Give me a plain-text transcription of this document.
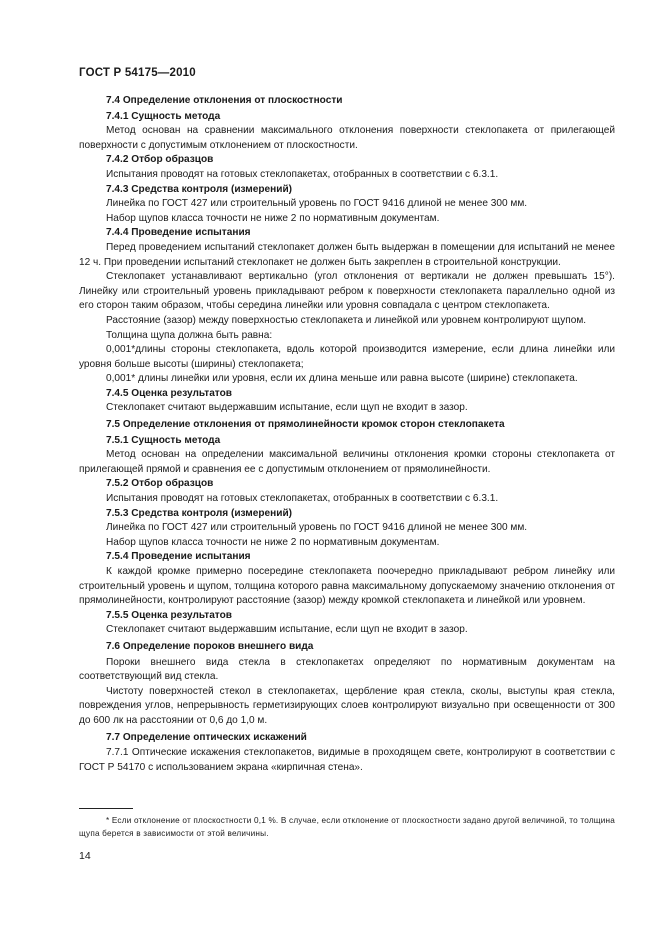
ГОСТ Р 54175—2010

7.4 Определение отклонения от плоскостности

7.4.1 Сущность метода

Метод основан на сравнении максимального отклонения поверхности стеклопакета от прилегающей поверхности с допустимым отклонением от плоскостности.

7.4.2 Отбор образцов

Испытания проводят на готовых стеклопакетах, отобранных в соответствии с 6.3.1.

7.4.3 Средства контроля (измерений)

Линейка по ГОСТ 427 или строительный уровень по ГОСТ 9416 длиной не менее 300 мм.

Набор щупов класса точности не ниже 2 по нормативным документам.

7.4.4 Проведение испытания

Перед проведением испытаний стеклопакет должен быть выдержан в помещении для испытаний не менее 12 ч. При проведении испытаний стеклопакет не должен быть закреплен в строительной конструкции.

Стеклопакет устанавливают вертикально (угол отклонения от вертикали не должен превышать 15°). Линейку или строительный уровень прикладывают ребром к поверхности стеклопакета параллельно одной из его сторон таким образом, чтобы середина линейки или уровня совпадала с центром стеклопакета.

Расстояние (зазор) между поверхностью стеклопакета и линейкой или уровнем контролируют щупом.

Толщина щупа должна быть равна:

0,001*длины стороны стеклопакета, вдоль которой производится измерение, если длина линейки или уровня больше высоты (ширины) стеклопакета;

0,001* длины линейки или уровня, если их длина меньше или равна высоте (ширине) стеклопакета.

7.4.5 Оценка результатов

Стеклопакет считают выдержавшим испытание, если щуп не входит в зазор.

7.5 Определение отклонения от прямолинейности кромок сторон стеклопакета

7.5.1 Сущность метода

Метод основан на определении максимальной величины отклонения кромки стороны стеклопакета от прилегающей прямой и сравнения ее с допустимым отклонением от прямолинейности.

7.5.2 Отбор образцов

Испытания проводят на готовых стеклопакетах, отобранных в соответствии с 6.3.1.

7.5.3 Средства контроля (измерений)

Линейка по ГОСТ 427 или строительный уровень по ГОСТ 9416 длиной не менее 300 мм.

Набор щупов класса точности не ниже 2 по нормативным документам.

7.5.4 Проведение испытания

К каждой кромке примерно посередине стеклопакета поочередно прикладывают ребром линейку или строительный уровень и щупом, толщина которого равна максимальному допускаемому значению отклонения от прямолинейности, контролируют расстояние (зазор) между кромкой стеклопакета и линейкой или уровнем.

7.5.5 Оценка результатов

Стеклопакет считают выдержавшим испытание, если щуп не входит в зазор.

7.6 Определение пороков внешнего вида

Пороки внешнего вида стекла в стеклопакетах определяют по нормативным документам на соответствующий вид стекла.

Чистоту поверхностей стекол в стеклопакетах, щербление края стекла, сколы, выступы края стекла, повреждения углов, непрерывность герметизирующих слоев контролируют визуально при освещенности от 300 до 600 лк на расстоянии от 0,6 до 1,0 м.

7.7 Определение оптических искажений

7.7.1 Оптические искажения стеклопакетов, видимые в проходящем свете, контролируют в соответствии с ГОСТ Р 54170 с использованием экрана «кирпичная стена».

* Если отклонение от плоскостности 0,1 %. В случае, если отклонение от плоскостности задано другой величиной, то толщина щупа берется в зависимости от этой величины.

14
